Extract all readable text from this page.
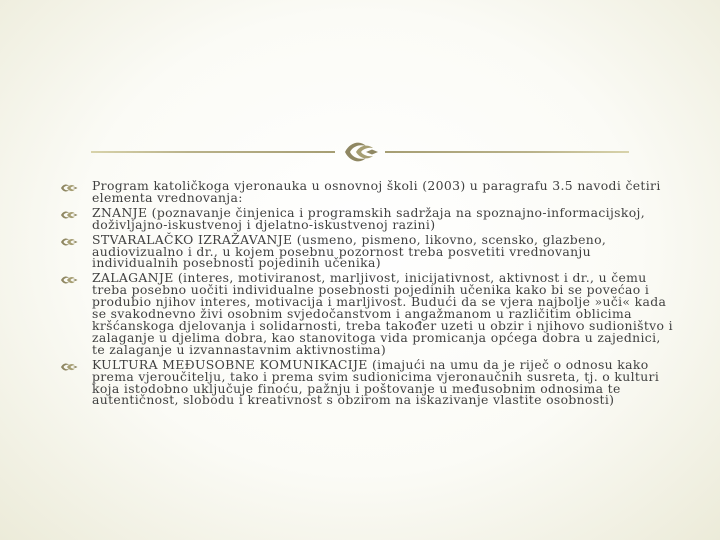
Program katoličkoga vjeronauka u osnovnoj školi (2003) u paragrafu 3.5 navodi četiri elementa vrednovanja:
ZNANJE (poznavanje činjenica i programskih sadržaja na spoznajno-informacijskoj, doživljajno-iskustvenoj i djelatno-iskustvenoj razini)
STVARALAČKO IZRAŽAVANJE (usmeno, pismeno, likovno, scensko, glazbeno, audiovizualno i dr., u kojem posebnu pozornost treba posvetiti vrednovanju individualnih posebnosti pojedinih učenika)
ZALAGANJE (interes, motiviranost, marljivost, inicijativnost, aktivnost i dr., u čemu treba posebno uočiti individualne posebnosti pojedinih učenika kako bi se povećao i produbio njihov interes, motivacija i marljivost. Budući da se vjera najbolje »uči« kada se svakodnevno živi osobnim svjedočanstvom i angažmanom u različitim oblicima kršćanskoga djelovanja i solidarnosti, treba također uzeti u obzir i njihovo sudioništvo i zalaganje u djelima dobra, kao stanovitoga vida promicanja općega dobra u zajednici, te zalaganje u izvannastavnim aktivnostima)
KULTURA MEĐUSOBNE KOMUNIKACIJE (imajući na umu da je riječ o odnosu kako prema vjeroučitelju, tako i prema svim sudionicima vjeronaučnih susreta, tj. o kulturi koja istodobno uključuje finoću, pažnju i poštovanje u međusobnim odnosima te autentičnost, slobodu i kreativnost s obzirom na iskazivanje vlastite osobnosti)
